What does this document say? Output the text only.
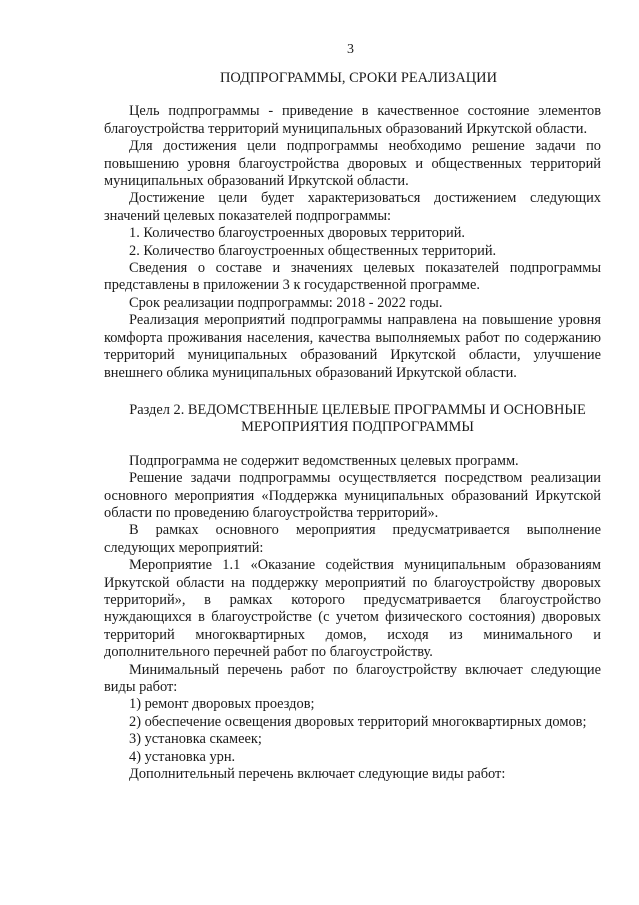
3
ПОДПРОГРАММЫ, СРОКИ РЕАЛИЗАЦИИ

Цель подпрограммы - приведение в качественное состояние элементов благоустройства территорий муниципальных образований Иркутской области.

Для достижения цели подпрограммы необходимо решение задачи по повышению уровня благоустройства дворовых и общественных территорий муниципальных образований Иркутской области.

Достижение цели будет характеризоваться достижением следующих значений целевых показателей подпрограммы:

1. Количество благоустроенных дворовых территорий.

2. Количество благоустроенных общественных территорий.

Сведения о составе и значениях целевых показателей подпрограммы представлены в приложении 3 к государственной программе.

Срок реализации подпрограммы: 2018 - 2022 годы.

Реализация мероприятий подпрограммы направлена на повышение уровня комфорта проживания населения, качества выполняемых работ по содержанию территорий муниципальных образований Иркутской области, улучшение внешнего облика муниципальных образований Иркутской области.

Раздел 2. ВЕДОМСТВЕННЫЕ ЦЕЛЕВЫЕ ПРОГРАММЫ И ОСНОВНЫЕ
МЕРОПРИЯТИЯ ПОДПРОГРАММЫ

Подпрограмма не содержит ведомственных целевых программ.

Решение задачи подпрограммы осуществляется посредством реализации основного мероприятия «Поддержка муниципальных образований Иркутской области по проведению благоустройства территорий».

В рамках основного мероприятия предусматривается выполнение следующих мероприятий:

Мероприятие 1.1 «Оказание содействия муниципальным образованиям Иркутской области на поддержку мероприятий по благоустройству дворовых территорий», в рамках которого предусматривается благоустройство нуждающихся в благоустройстве (с учетом физического состояния) дворовых территорий многоквартирных домов, исходя из минимального и дополнительного перечней работ по благоустройству.

Минимальный перечень работ по благоустройству включает следующие виды работ:

1) ремонт дворовых проездов;

2) обеспечение освещения дворовых территорий многоквартирных домов;

3) установка скамеек;

4) установка урн.

Дополнительный перечень включает следующие виды работ:
